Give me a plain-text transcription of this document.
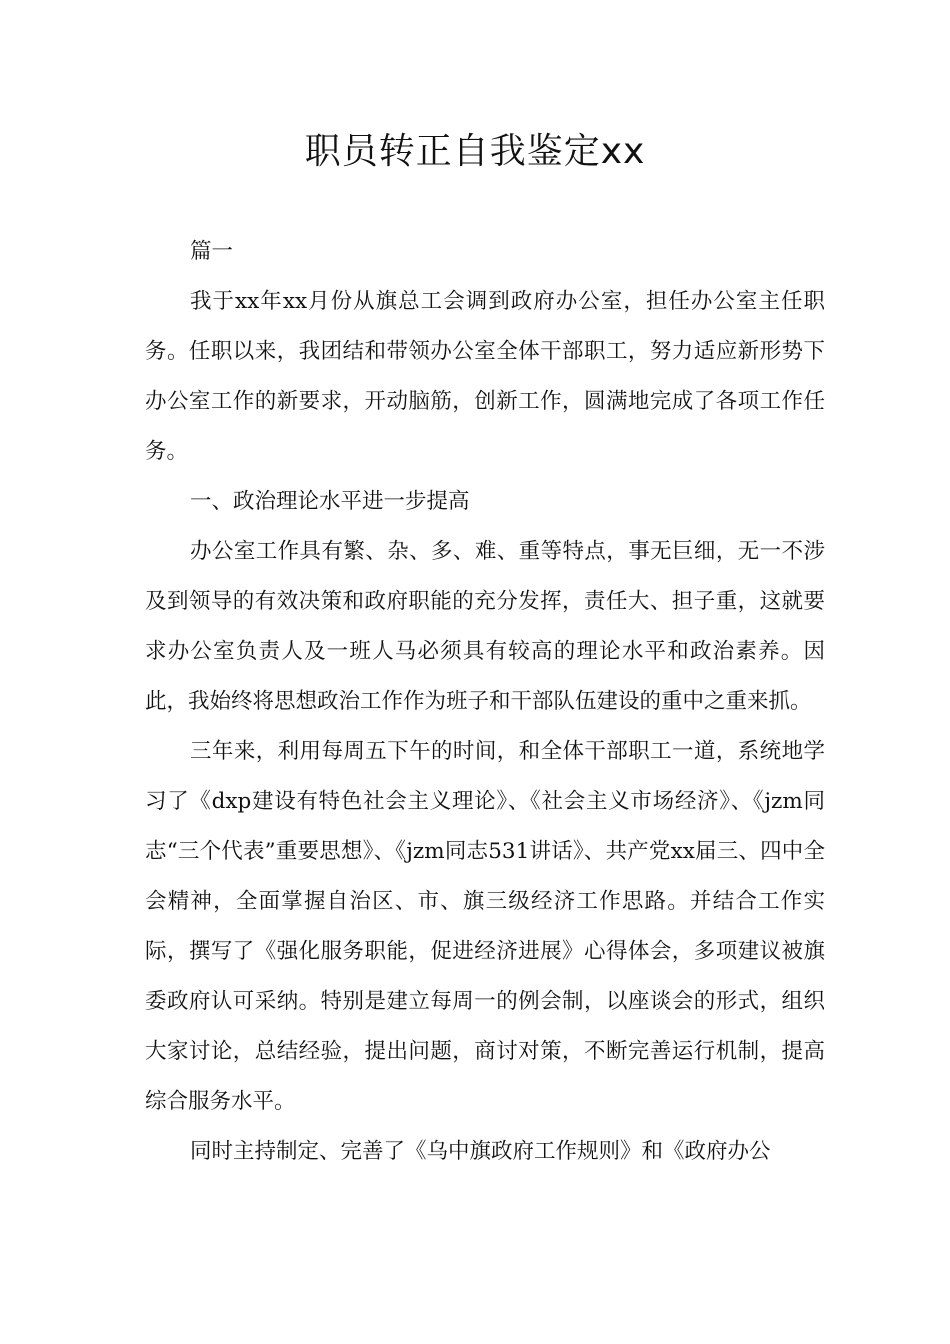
职员转正自我鉴定xx

篇一

我于xx年xx月份从旗总工会调到政府办公室，担任办公室主任职务。任职以来，我团结和带领办公室全体干部职工，努力适应新形势下办公室工作的新要求，开动脑筋，创新工作，圆满地完成了各项工作任务。

一、政治理论水平进一步提高

办公室工作具有繁、杂、多、难、重等特点，事无巨细，无一不涉及到领导的有效决策和政府职能的充分发挥，责任大、担子重，这就要求办公室负责人及一班人马必须具有较高的理论水平和政治素养。因此，我始终将思想政治工作作为班子和干部队伍建设的重中之重来抓。

三年来，利用每周五下午的时间，和全体干部职工一道，系统地学习了《dxp建设有特色社会主义理论》、《社会主义市场经济》、《jzm同志“三个代表”重要思想》、《jzm同志531讲话》、共产党xx届三、四中全会精神，全面掌握自治区、市、旗三级经济工作思路。并结合工作实际，撰写了《强化服务职能，促进经济进展》心得体会，多项建议被旗委政府认可采纳。特别是建立每周一的例会制，以座谈会的形式，组织大家讨论，总结经验，提出问题，商讨对策，不断完善运行机制，提高综合服务水平。

同时主持制定、完善了《乌中旗政府工作规则》和《政府办公
